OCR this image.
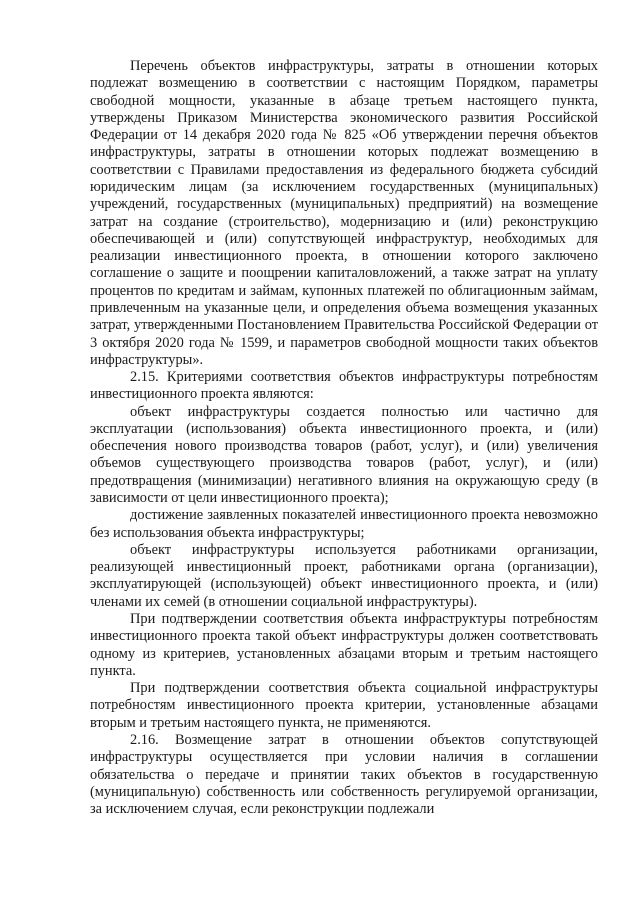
Перечень объектов инфраструктуры, затраты в отношении которых подлежат возмещению в соответствии с настоящим Порядком, параметры свободной мощности, указанные в абзаце третьем настоящего пункта, утверждены Приказом Министерства экономического развития Российской Федерации от 14 декабря 2020 года № 825 «Об утверждении перечня объектов инфраструктуры, затраты в отношении которых подлежат возмещению в соответствии с Правилами предоставления из федерального бюджета субсидий юридическим лицам (за исключением государственных (муниципальных) учреждений, государственных (муниципальных) предприятий) на возмещение затрат на создание (строительство), модернизацию и (или) реконструкцию обеспечивающей и (или) сопутствующей инфраструктур, необходимых для реализации инвестиционного проекта, в отношении которого заключено соглашение о защите и поощрении капиталовложений, а также затрат на уплату процентов по кредитам и займам, купонных платежей по облигационным займам, привлеченным на указанные цели, и определения объема возмещения указанных затрат, утвержденными Постановлением Правительства Российской Федерации от 3 октября 2020 года № 1599, и параметров свободной мощности таких объектов инфраструктуры».

2.15. Критериями соответствия объектов инфраструктуры потребностям инвестиционного проекта являются:

объект инфраструктуры создается полностью или частично для эксплуатации (использования) объекта инвестиционного проекта, и (или) обеспечения нового производства товаров (работ, услуг), и (или) увеличения объемов существующего производства товаров (работ, услуг), и (или) предотвращения (минимизации) негативного влияния на окружающую среду (в зависимости от цели инвестиционного проекта);

достижение заявленных показателей инвестиционного проекта невозможно без использования объекта инфраструктуры;

объект инфраструктуры используется работниками организации, реализующей инвестиционный проект, работниками органа (организации), эксплуатирующей (использующей) объект инвестиционного проекта, и (или) членами их семей (в отношении социальной инфраструктуры).

При подтверждении соответствия объекта инфраструктуры потребностям инвестиционного проекта такой объект инфраструктуры должен соответствовать одному из критериев, установленных абзацами вторым и третьим настоящего пункта.

При подтверждении соответствия объекта социальной инфраструктуры потребностям инвестиционного проекта критерии, установленные абзацами вторым и третьим настоящего пункта, не применяются.

2.16. Возмещение затрат в отношении объектов сопутствующей инфраструктуры осуществляется при условии наличия в соглашении обязательства о передаче и принятии таких объектов в государственную (муниципальную) собственность или собственность регулируемой организации, за исключением случая, если реконструкции подлежали
